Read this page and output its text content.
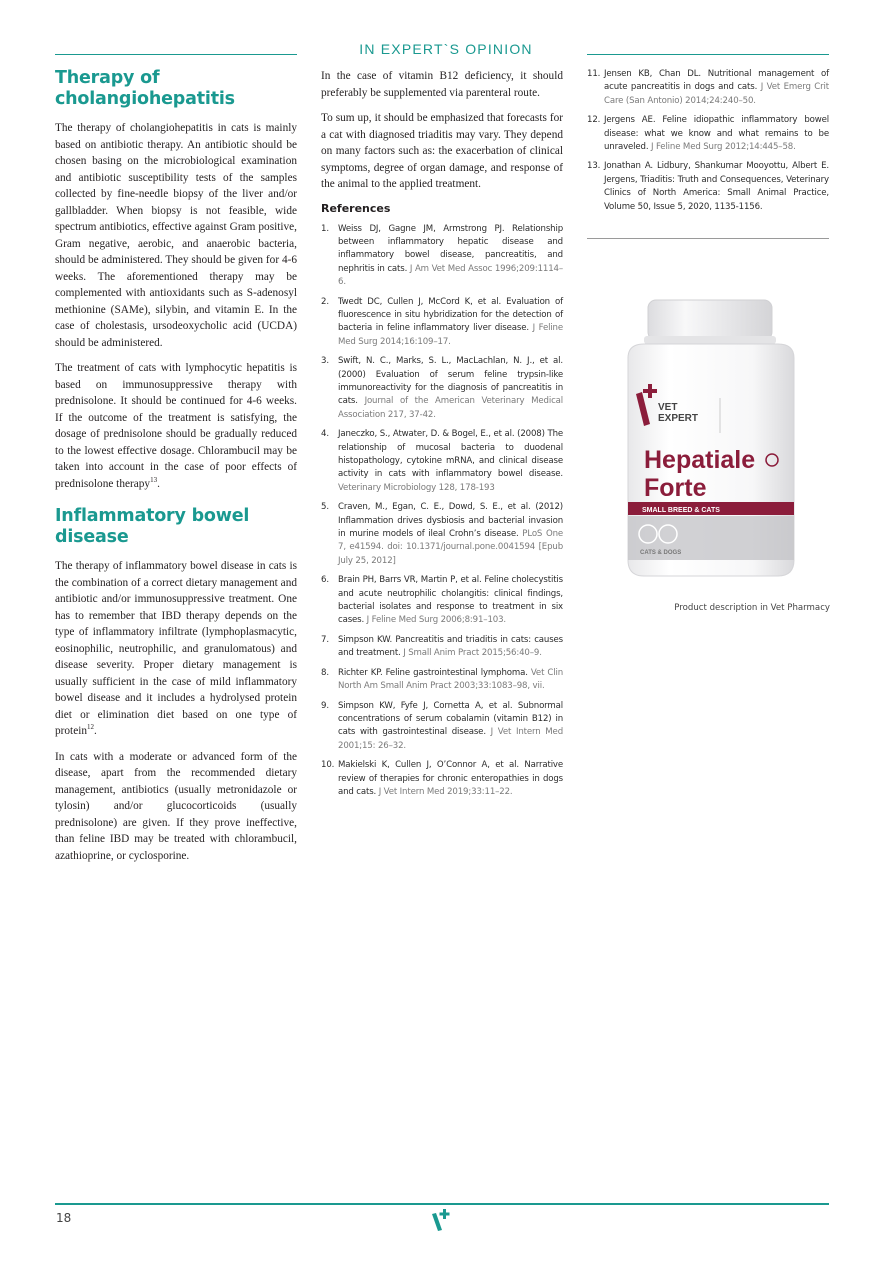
IN EXPERT`S OPINION
Therapy of cholangiohepatitis

The therapy of cholangiohepatitis in cats is mainly based on antibiotic therapy. An antibiotic should be chosen basing on the microbiological examination and antibiotic susceptibility tests of the samples collected by fine-needle biopsy of the liver and/or gallbladder. When biopsy is not feasible, wide spectrum antibiotics, effective against Gram positive, Gram negative, aerobic, and anaerobic bacteria, should be administered. They should be given for 4-6 weeks. The aforementioned therapy may be complemented with antioxidants such as S-adenosyl methionine (SAMe), silybin, and vitamin E. In the case of cholestasis, ursodeoxycholic acid (UCDA) should be administered.

The treatment of cats with lymphocytic hepatitis is based on immunosuppressive therapy with prednisolone. It should be continued for 4-6 weeks. If the outcome of the treatment is satisfying, the dosage of prednisolone should be gradually reduced to the lowest effective dosage. Chlorambucil may be taken into account in the case of poor effects of prednisolone therapy$^{13}$.

Inflammatory bowel disease

The therapy of inflammatory bowel disease in cats is the combination of a correct dietary management and antibiotic and/or immunosuppressive treatment. One has to remember that IBD therapy depends on the type of inflammatory infiltrate (lymphoplasmacytic, eosinophilic, neutrophilic, and granulomatous) and disease severity. Proper dietary management is usually sufficient in the case of mild inflammatory bowel disease and it includes a hydrolysed protein diet or elimination diet based on one type of protein$^{12}$.

In cats with a moderate or advanced form of the disease, apart from the recommended dietary management, antibiotics (usually metronidazole or tylosin) and/or glucocorticoids (usually prednisolone) are given. If they prove ineffective, than feline IBD may be treated with chlorambucil, azathioprine, or cyclosporine.

In the case of vitamin B12 deficiency, it should preferably be supplemented via parenteral route.

To sum up, it should be emphasized that forecasts for a cat with diagnosed triaditis may vary. They depend on many factors such as: the exacerbation of clinical symptoms, degree of organ damage, and response of the animal to the applied treatment.

References
1. Weiss DJ, Gagne JM, Armstrong PJ. Relationship between inflammatory hepatic disease and inflammatory bowel disease, pancreatitis, and nephritis in cats. J Am Vet Med Assoc 1996;209:1114–6.
2. Twedt DC, Cullen J, McCord K, et al. Evaluation of fluorescence in situ hybridization for the detection of bacteria in feline inflammatory liver disease. J Feline Med Surg 2014;16:109–17.
3. Swift, N. C., Marks, S. L., MacLachlan, N. J., et al. (2000) Evaluation of serum feline trypsin-like immunoreactivity for the diagnosis of pancreatitis in cats. Journal of the American Veterinary Medical Association 217, 37-42.
4. Janeczko, S., Atwater, D. & Bogel, E., et al. (2008) The relationship of mucosal bacteria to duodenal histopathology, cytokine mRNA, and clinical disease activity in cats with inflammatory bowel disease. Veterinary Microbiology 128, 178-193
5. Craven, M., Egan, C. E., Dowd, S. E., et al. (2012) Inflammation drives dysbiosis and bacterial invasion in murine models of ileal Crohn’s disease. PLoS One 7, e41594. doi: 10.1371/journal.pone.0041594 [Epub July 25, 2012]
6. Brain PH, Barrs VR, Martin P, et al. Feline cholecystitis and acute neutrophilic cholangitis: clinical findings, bacterial isolates and response to treatment in six cases. J Feline Med Surg 2006;8:91–103.
7. Simpson KW. Pancreatitis and triaditis in cats: causes and treatment. J Small Anim Pract 2015;56:40–9.
8. Richter KP. Feline gastrointestinal lymphoma. Vet Clin North Am Small Anim Pract 2003;33:1083–98, vii.
9. Simpson KW, Fyfe J, Cornetta A, et al. Subnormal concentrations of serum cobalamin (vitamin B12) in cats with gastrointestinal disease. J Vet Intern Med 2001;15: 26–32.
10. Makielski K, Cullen J, O’Connor A, et al. Narrative review of therapies for chronic enteropathies in dogs and cats. J Vet Intern Med 2019;33:11–22.
11. Jensen KB, Chan DL. Nutritional management of acute pancreatitis in dogs and cats. J Vet Emerg Crit Care (San Antonio) 2014;24:240–50.
12. Jergens AE. Feline idiopathic inflammatory bowel disease: what we know and what remains to be unraveled. J Feline Med Surg 2012;14:445–58.
13. Jonathan A. Lidbury, Shankumar Mooyottu, Albert E. Jergens, Triaditis: Truth and Consequences, Veterinary Clinics of North America: Small Animal Practice, Volume 50, Issue 5, 2020, 1135-1156.
VET
EXPERT
Hepatiale
Forte
SMALL BREED & CATS
CATS & DOGS
Product description in Vet Pharmacy
18
